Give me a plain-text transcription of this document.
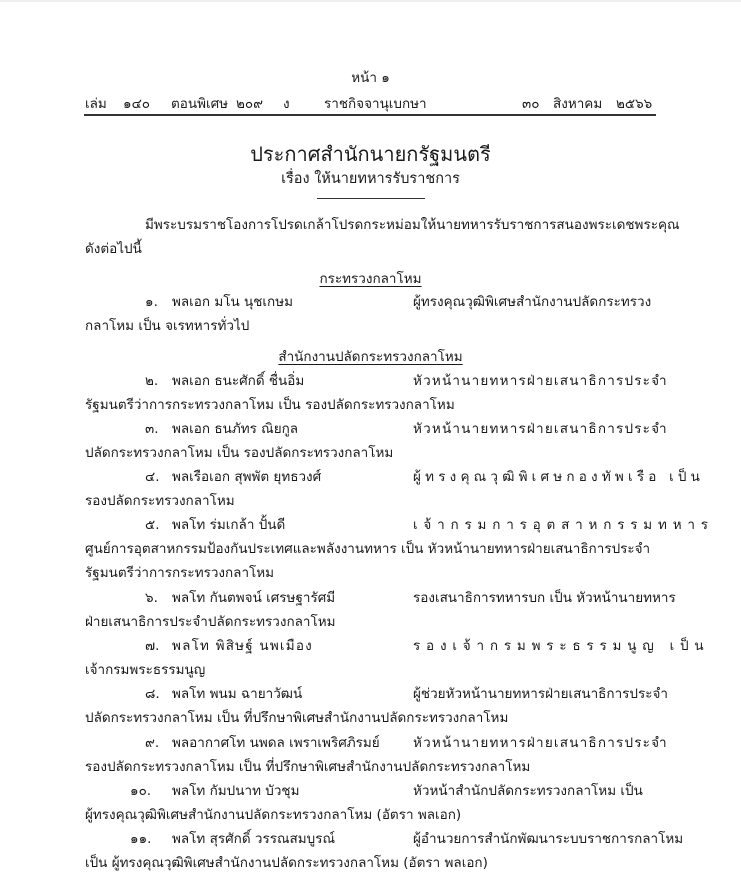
หน้า ๑
เล่ม ๑๔๐ ตอนพิเศษ ๒๐๙ ง	ราชกิจจานุเบกษา	๓๐ สิงหาคม ๒๕๖๖
ประกาศสำนักนายกรัฐมนตรี
เรื่อง ให้นายทหารรับราชการ
มีพระบรมราชโองการโปรดเกล้าโปรดกระหม่อมให้นายทหารรับราชการสนองพระเดชพระคุณ
ดังต่อไปนี้
กระทรวงกลาโหม
๑. พลเอก มโน นุชเกษม	ผู้ทรงคุณวุฒิพิเศษสำนักงานปลัดกระทรวง
กลาโหม เป็น จเรทหารทั่วไป
สำนักงานปลัดกระทรวงกลาโหม
๒. พลเอก ธนะศักดิ์ ชื่นอิ่ม	หัวหน้านายทหารฝ่ายเสนาธิการประจำ
รัฐมนตรีว่าการกระทรวงกลาโหม เป็น รองปลัดกระทรวงกลาโหม
๓. พลเอก ธนภัทร ณิยกูล	หัวหน้านายทหารฝ่ายเสนาธิการประจำ
ปลัดกระทรวงกลาโหม เป็น รองปลัดกระทรวงกลาโหม
๔. พลเรือเอก สุพพัต ยุทธวงศ์	ผู้ทรงคุณวุฒิพิเศษกองทัพเรือ เป็น
รองปลัดกระทรวงกลาโหม
๕. พลโท ร่มเกล้า ปั้นดี	เจ้ากรมการอุตสาหกรรมทหาร
ศูนย์การอุตสาหกรรมป้องกันประเทศและพลังงานทหาร เป็น หัวหน้านายทหารฝ่ายเสนาธิการประจำ
รัฐมนตรีว่าการกระทรวงกลาโหม
๖. พลโท กันตพจน์ เศรษฐารัศมี	รองเสนาธิการทหารบก เป็น หัวหน้านายทหาร
ฝ่ายเสนาธิการประจำปลัดกระทรวงกลาโหม
๗. พลโท พิสิษฐ์ นพเมือง	รองเจ้ากรมพระธรรมนูญ เป็น
เจ้ากรมพระธรรมนูญ
๘. พลโท พนม ฉายาวัฒน์	ผู้ช่วยหัวหน้านายทหารฝ่ายเสนาธิการประจำ
ปลัดกระทรวงกลาโหม เป็น ที่ปรึกษาพิเศษสำนักงานปลัดกระทรวงกลาโหม
๙. พลอากาศโท นพดล เพราเพริศภิรมย์ หัวหน้านายทหารฝ่ายเสนาธิการประจำ
รองปลัดกระทรวงกลาโหม เป็น ที่ปรึกษาพิเศษสำนักงานปลัดกระทรวงกลาโหม
๑๐. พลโท กัมปนาท บัวชุม	หัวหน้าสำนักปลัดกระทรวงกลาโหม เป็น
ผู้ทรงคุณวุฒิพิเศษสำนักงานปลัดกระทรวงกลาโหม (อัตรา พลเอก)
๑๑. พลโท สุรศักดิ์ วรรณสมบูรณ์	ผู้อำนวยการสำนักพัฒนาระบบราชการกลาโหม
เป็น ผู้ทรงคุณวุฒิพิเศษสำนักงานปลัดกระทรวงกลาโหม (อัตรา พลเอก)
